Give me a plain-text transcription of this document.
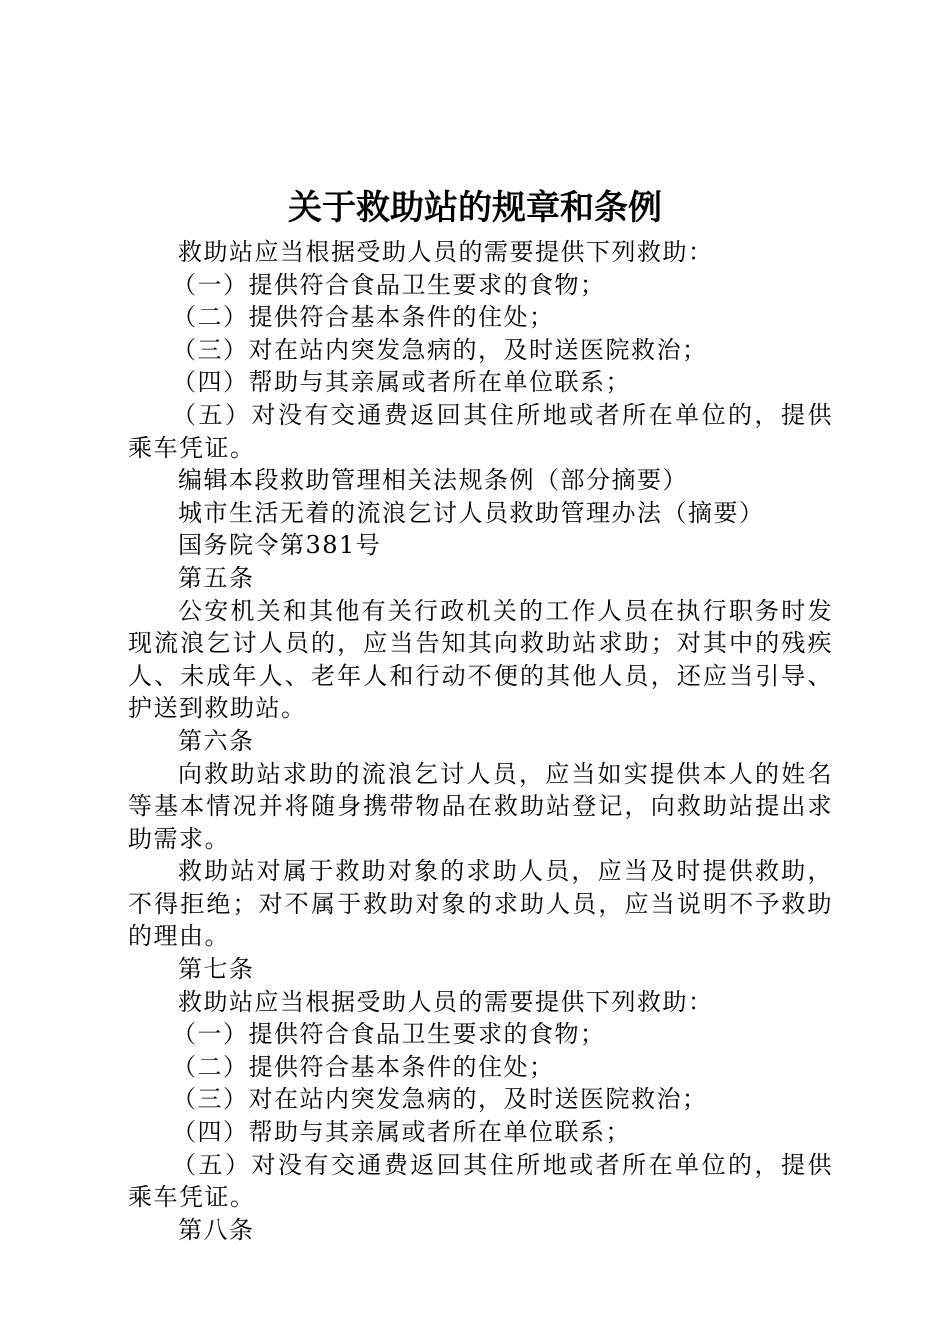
关于救助站的规章和条例

救助站应当根据受助人员的需要提供下列救助：

（一）提供符合食品卫生要求的食物；

（二）提供符合基本条件的住处；

（三）对在站内突发急病的，及时送医院救治；

（四）帮助与其亲属或者所在单位联系；

（五）对没有交通费返回其住所地或者所在单位的，提供乘车凭证。

编辑本段救助管理相关法规条例（部分摘要）

城市生活无着的流浪乞讨人员救助管理办法（摘要）

国务院令第381号

第五条

公安机关和其他有关行政机关的工作人员在执行职务时发现流浪乞讨人员的，应当告知其向救助站求助；对其中的残疾人、未成年人、老年人和行动不便的其他人员，还应当引导、护送到救助站。

第六条

向救助站求助的流浪乞讨人员，应当如实提供本人的姓名等基本情况并将随身携带物品在救助站登记，向救助站提出求助需求。

救助站对属于救助对象的求助人员，应当及时提供救助，不得拒绝；对不属于救助对象的求助人员，应当说明不予救助的理由。

第七条

救助站应当根据受助人员的需要提供下列救助：

（一）提供符合食品卫生要求的食物；

（二）提供符合基本条件的住处；

（三）对在站内突发急病的，及时送医院救治；

（四）帮助与其亲属或者所在单位联系；

（五）对没有交通费返回其住所地或者所在单位的，提供乘车凭证。

第八条
